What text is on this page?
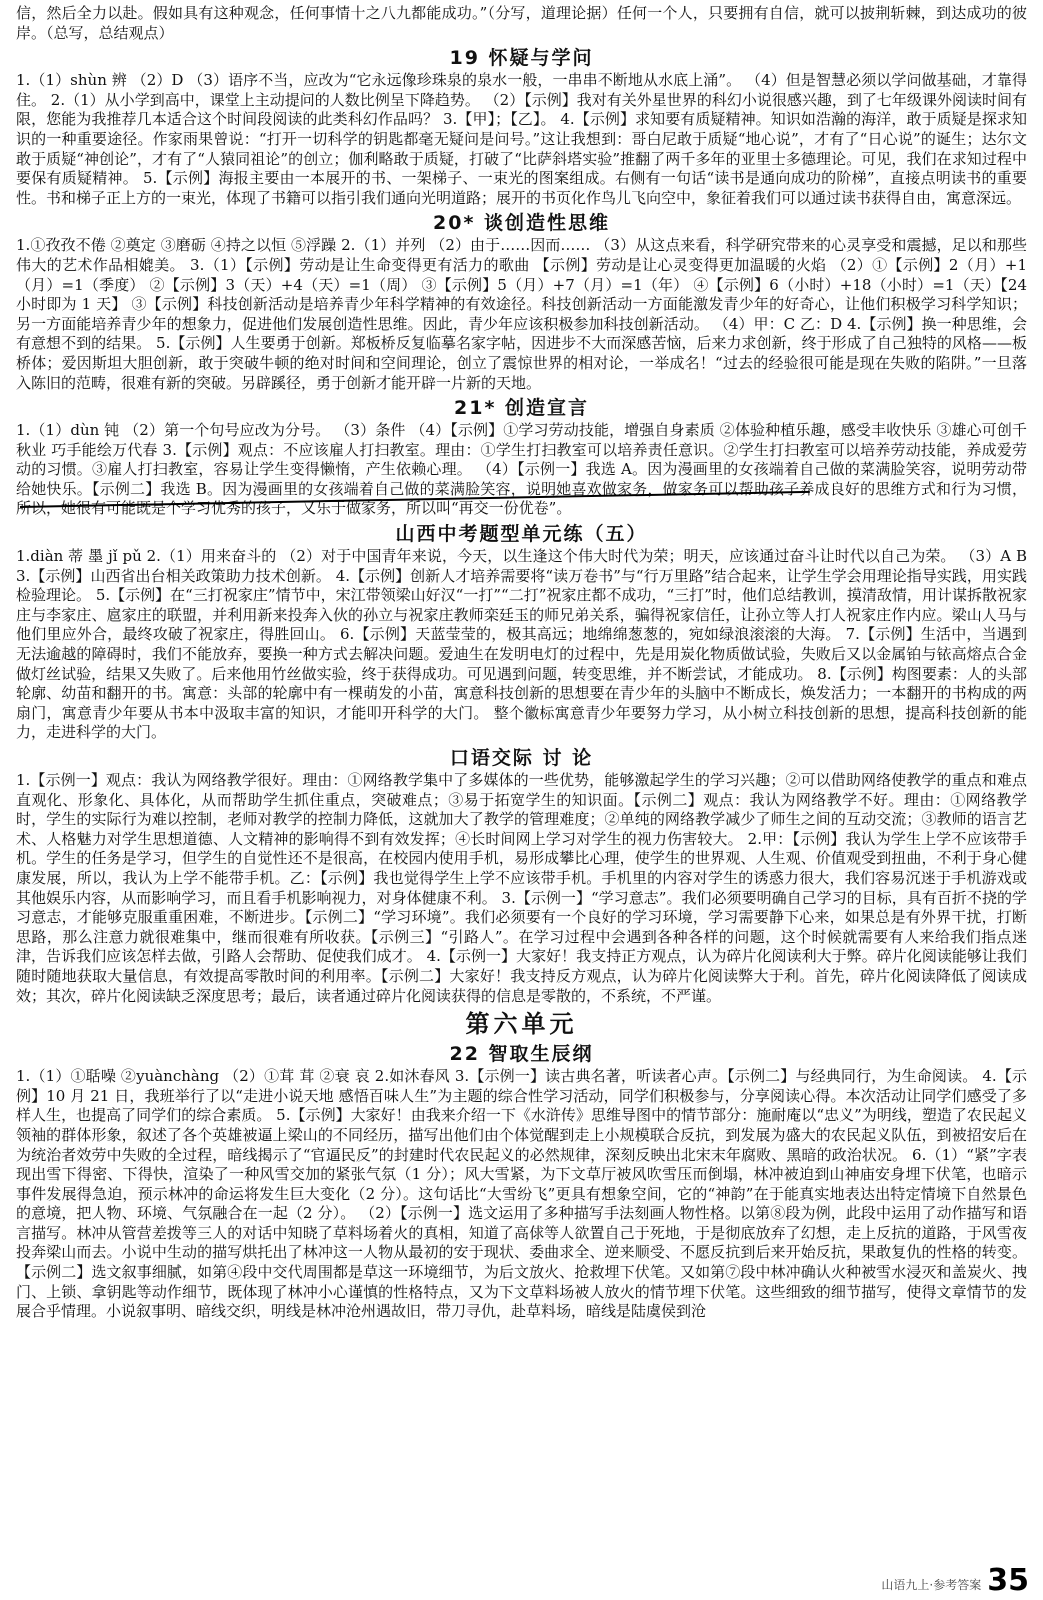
信，然后全力以赴。假如具有这种观念，任何事情十之八九都能成功。”（分写，道理论据）任何一个人，只要拥有自信，就可以披荆斩棘，到达成功的彼岸。（总写，总结观点）

19 怀疑与学问

1.（1）shùn 辨 （2）D （3）语序不当，应改为“它永远像珍珠泉的泉水一般，一串串不断地从水底上涌”。 （4）但是智慧必须以学问做基础，才靠得住。 2.（1）从小学到高中，课堂上主动提问的人数比例呈下降趋势。 （2）【示例】我对有关外星世界的科幻小说很感兴趣，到了七年级课外阅读时间有限，您能为我推荐几本适合这个时间段阅读的此类科幻作品吗？ 3.【甲】；【乙】。 4.【示例】求知要有质疑精神。知识如浩瀚的海洋，敢于质疑是探求知识的一种重要途径。作家雨果曾说：“打开一切科学的钥匙都毫无疑问是问号。”这让我想到：哥白尼敢于质疑“地心说”，才有了“日心说”的诞生；达尔文敢于质疑“神创论”，才有了“人猿同祖论”的创立；伽利略敢于质疑，打破了“比萨斜塔实验”推翻了两千多年的亚里士多德理论。可见，我们在求知过程中要保有质疑精神。 5.【示例】海报主要由一本展开的书、一架梯子、一束光的图案组成。右侧有一句话“读书是通向成功的阶梯”，直接点明读书的重要性。书和梯子正上方的一束光，体现了书籍可以指引我们通向光明道路；展开的书页化作鸟儿飞向空中，象征着我们可以通过读书获得自由，寓意深远。

20* 谈创造性思维

1.①孜孜不倦 ②奠定 ③磨砺 ④持之以恒 ⑤浮躁 2.（1）并列 （2）由于……因而…… （3）从这点来看，科学研究带来的心灵享受和震撼，足以和那些伟大的艺术作品相媲美。 3.（1）【示例】劳动是让生命变得更有活力的歌曲 【示例】劳动是让心灵变得更加温暖的火焰 （2）①【示例】2（月）+1（月）=1（季度） ②【示例】3（天）+4（天）=1（周） ③【示例】5（月）+7（月）=1（年） ④【示例】6（小时）+18（小时）=1（天）【24 小时即为 1 天】 ③【示例】科技创新活动是培养青少年科学精神的有效途径。科技创新活动一方面能激发青少年的好奇心，让他们积极学习科学知识；另一方面能培养青少年的想象力，促进他们发展创造性思维。因此，青少年应该积极参加科技创新活动。 （4）甲：C 乙：D 4.【示例】换一种思维，会有意想不到的结果。 5.【示例】人生要勇于创新。郑板桥反复临摹名家字帖，因进步不大而深感苦恼，后来力求创新，终于形成了自己独特的风格——板桥体；爱因斯坦大胆创新，敢于突破牛顿的绝对时间和空间理论，创立了震惊世界的相对论，一举成名！“过去的经验很可能是现在失败的陷阱。”一旦落入陈旧的范畴，很难有新的突破。另辟蹊径，勇于创新才能开辟一片新的天地。

21* 创造宣言

1.（1）dùn 钝 （2）第一个句号应改为分号。 （3）条件 （4）【示例】①学习劳动技能，增强自身素质 ②体验种植乐趣，感受丰收快乐 ③雄心可创千秋业 巧手能绘万代春 3.【示例】观点：不应该雇人打扫教室。理由：①学生打扫教室可以培养责任意识。②学生打扫教室可以培养劳动技能，养成爱劳动的习惯。③雇人打扫教室，容易让学生变得懒惰，产生依赖心理。 （4）【示例一】我选 A。因为漫画里的女孩端着自己做的菜满脸笑容，说明劳动带给她快乐。【示例二】我选 B。因为漫画里的女孩端着自己做的菜满脸笑容，说明她喜欢做家务，做家务可以帮助孩子养成良好的思维方式和行为习惯，所以，她很有可能既是个学习优秀的孩子，又乐于做家务，所以叫“再交一份优卷”。

山西中考题型单元练（五）

1.diàn 蒂 墨 jǐ pǔ 2.（1）用来奋斗的 （2）对于中国青年来说，今天，以生逢这个伟大时代为荣；明天，应该通过奋斗让时代以自己为荣。 （3）A B 3.【示例】山西省出台相关政策助力技术创新。 4.【示例】创新人才培养需要将“读万卷书”与“行万里路”结合起来，让学生学会用理论指导实践，用实践检验理论。 5.【示例】在“三打祝家庄”情节中，宋江带领梁山好汉“一打”“二打”祝家庄都不成功，“三打”时，他们总结教训，摸清敌情，用计谋拆散祝家庄与李家庄、扈家庄的联盟，并利用新来投奔入伙的孙立与祝家庄教师栾廷玉的师兄弟关系，骗得祝家信任，让孙立等人打人祝家庄作内应。梁山人马与他们里应外合，最终攻破了祝家庄，得胜回山。 6.【示例】天蓝莹莹的，极其高远；地绵绵葱葱的，宛如绿浪滚滚的大海。 7.【示例】生活中，当遇到无法逾越的障碍时，我们不能放弃，要换一种方式去解决问题。爱迪生在发明电灯的过程中，先是用炭化物质做试验，失败后又以金属铂与铱高熔点合金做灯丝试验，结果又失败了。后来他用竹丝做实验，终于获得成功。可见遇到问题，转变思维，并不断尝试，才能成功。 8.【示例】构图要素：人的头部轮廓、幼苗和翻开的书。寓意：头部的轮廓中有一棵萌发的小苗，寓意科技创新的思想要在青少年的头脑中不断成长，焕发活力；一本翻开的书构成的两扇门，寓意青少年要从书本中汲取丰富的知识，才能叩开科学的大门。 整个徽标寓意青少年要努力学习，从小树立科技创新的思想，提高科技创新的能力，走进科学的大门。

口语交际 讨 论

1.【示例一】观点：我认为网络教学很好。理由：①网络教学集中了多媒体的一些优势，能够激起学生的学习兴趣；②可以借助网络使教学的重点和难点直观化、形象化、具体化，从而帮助学生抓住重点，突破难点；③易于拓宽学生的知识面。【示例二】观点：我认为网络教学不好。理由：①网络教学时，学生的实际行为难以控制，老师对教学的控制力降低，这就加大了教学的管理难度；②单纯的网络教学减少了师生之间的互动交流；③教师的语言艺术、人格魅力对学生思想道德、人文精神的影响得不到有效发挥；④长时间网上学习对学生的视力伤害较大。 2.甲：【示例】我认为学生上学不应该带手机。学生的任务是学习，但学生的自觉性还不是很高，在校园内使用手机，易形成攀比心理，使学生的世界观、人生观、价值观受到扭曲，不利于身心健康发展，所以，我认为上学不能带手机。乙：【示例】我也觉得学生上学不应该带手机。手机里的内容对学生的诱惑力很大，我们容易沉迷于手机游戏或其他娱乐内容，从而影响学习，而且看手机影响视力，对身体健康不利。 3.【示例一】“学习意志”。我们必须要明确自己学习的目标，具有百折不挠的学习意志，才能够克服重重困难，不断进步。【示例二】“学习环境”。我们必须要有一个良好的学习环境，学习需要静下心来，如果总是有外界干扰，打断思路，那么注意力就很难集中，继而很难有所收获。【示例三】“引路人”。在学习过程中会遇到各种各样的问题，这个时候就需要有人来给我们指点迷津，告诉我们应该怎样去做，引路人会帮助、促使我们成才。 4.【示例一】大家好！我支持正方观点，认为碎片化阅读利大于弊。碎片化阅读能够让我们随时随地获取大量信息，有效提高零散时间的利用率。【示例二】大家好！我支持反方观点，认为碎片化阅读弊大于利。首先，碎片化阅读降低了阅读成效；其次，碎片化阅读缺乏深度思考；最后，读者通过碎片化阅读获得的信息是零散的，不系统，不严谨。

第六单元
22 智取生辰纲

1.（1）①聒噪 ②yuànchàng （2）①茸 茸 ②衰 哀 2.如沐春风 3.【示例一】读古典名著，听读者心声。【示例二】与经典同行，为生命阅读。 4.【示例】10 月 21 日，我班举行了以“走进小说天地 感悟百味人生”为主题的综合性学习活动，同学们积极参与，分享阅读心得。本次活动让同学们感受了多样人生，也提高了同学们的综合素质。 5.【示例】大家好！由我来介绍一下《水浒传》思维导图中的情节部分：施耐庵以“忠义”为明线，塑造了农民起义领袖的群体形象，叙述了各个英雄被逼上梁山的不同经历，描写出他们由个体觉醒到走上小规模联合反抗，到发展为盛大的农民起义队伍，到被招安后在为统治者效劳中失败的全过程，暗线揭示了“官逼民反”的封建时代农民起义的必然规律，深刻反映出北宋末年腐败、黑暗的政治状况。 6.（1）“紧”字表现出雪下得密、下得快，渲染了一种风雪交加的紧张气氛（1 分）；风大雪紧，为下文草厅被风吹雪压而倒塌，林冲被迫到山神庙安身埋下伏笔，也暗示事件发展得急迫，预示林冲的命运将发生巨大变化（2 分）。这句话比“大雪纷飞”更具有想象空间，它的“神韵”在于能真实地表达出特定情境下自然景色的意境，把人物、环境、气氛融合在一起（2 分）。 （2）【示例一】选文运用了多种描写手法刻画人物性格。以第⑧段为例，此段中运用了动作描写和语言描写。林冲从管营差拨等三人的对话中知晓了草料场着火的真相，知道了高俅等人欲置自己于死地，于是彻底放弃了幻想，走上反抗的道路，于风雪夜投奔梁山而去。小说中生动的描写烘托出了林冲这一人物从最初的安于现状、委曲求全、逆来顺受、不愿反抗到后来开始反抗，果敢复仇的性格的转变。【示例二】选文叙事细腻，如第④段中交代周围都是草这一环境细节，为后文放火、抢救埋下伏笔。又如第⑦段中林冲确认火种被雪水浸灭和盖炭火、拽门、上锁、拿钥匙等动作细节，既体现了林冲小心谨慎的性格特点，又为下文草料场被人放火的情节埋下伏笔。这些细致的细节描写，使得文章情节的发展合乎情理。小说叙事明、暗线交织，明线是林冲沧州遇故旧，带刀寻仇，赴草料场，暗线是陆虞侯到沧

山语九上·参考答案 35
